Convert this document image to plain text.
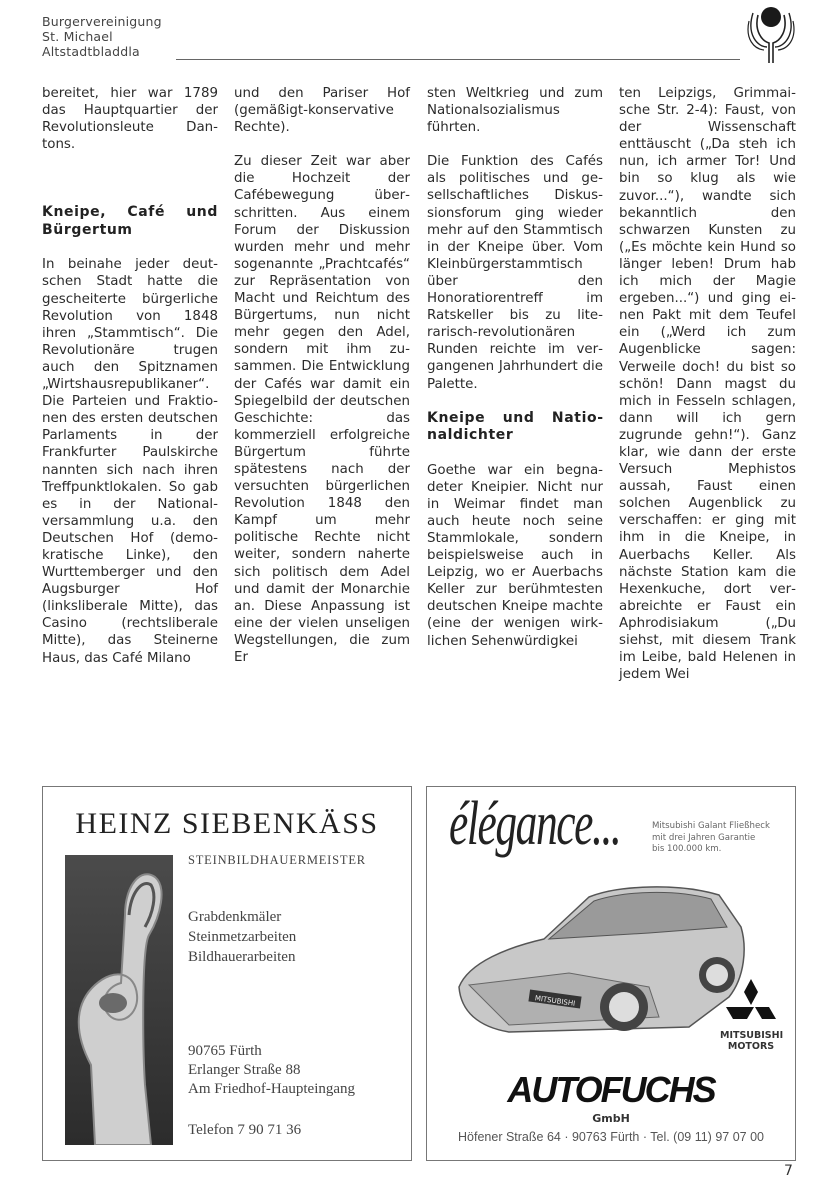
Burgervereinigung
St. Michael
Altstadtbladdla

bereitet, hier war 1789 das Hauptquartier der Revolutionsleute Dantons.

Kneipe, Café und Bürgertum

In beinahe jeder deutschen Stadt hatte die gescheiterte bürgerliche Revolution von 1848 ihren „Stammtisch“. Die Revolutionäre trugen auch den Spitznamen „Wirtshausrepublikaner“. Die Parteien und Fraktionen des ersten deutschen Parlaments in der Frankfurter Paulskirche nannten sich nach ihren Treffpunktlokalen. So gab es in der Nationalversammlung u.a. den Deutschen Hof (demokratische Linke), den Wurttemberger und den Augsburger Hof (linksliberale Mitte), das Casino (rechtsliberale Mitte), das Steinerne Haus, das Café Milano

und den Pariser Hof (gemäßigt-konservative Rechte).

Zu dieser Zeit war aber die Hochzeit der Cafébewegung überschritten. Aus einem Forum der Diskussion wurden mehr und mehr sogenannte „Prachtcafés“ zur Repräsentation von Macht und Reichtum des Bürgertums, nun nicht mehr gegen den Adel, sondern mit ihm zusammen. Die Entwicklung der Cafés war damit ein Spiegelbild der deutschen Geschichte: das kommerziell erfolgreiche Bürgertum führte spätestens nach der versuchten bürgerlichen Revolution 1848 den Kampf um mehr politische Rechte nicht weiter, sondern naherte sich politisch dem Adel und damit der Monarchie an. Diese Anpassung ist eine der vielen unseligen Wegstellungen, die zum Er

sten Weltkrieg und zum Nationalsozialismus führten.

Die Funktion des Cafés als politisches und gesellschaftliches Diskussionsforum ging wieder mehr auf den Stammtisch in der Kneipe über. Vom Kleinbürgerstammtisch über den Honoratiorentreff im Ratskeller bis zu literarisch-revolutionären Runden reichte im vergangenen Jahrhundert die Palette.

Kneipe und Nationaldichter

Goethe war ein begnadeter Kneipier. Nicht nur in Weimar findet man auch heute noch seine Stammlokale, sondern beispielsweise auch in Leipzig, wo er Auerbachs Keller zur berühmtesten deutschen Kneipe machte (eine der wenigen wirklichen Sehenwürdigkei

ten Leipzigs, Grimmaische Str. 2-4): Faust, von der Wissenschaft enttäuscht („Da steh ich nun, ich armer Tor! Und bin so klug als wie zuvor...“), wandte sich bekanntlich den schwarzen Kunsten zu („Es möchte kein Hund so länger leben! Drum hab ich mich der Magie ergeben...“) und ging einen Pakt mit dem Teufel ein („Werd ich zum Augenblicke sagen: Verweile doch! du bist so schön! Dann magst du mich in Fesseln schlagen, dann will ich gern zugrunde gehn!“). Ganz klar, wie dann der erste Versuch Mephistos aussah, Faust einen solchen Augenblick zu verschaffen: er ging mit ihm in die Kneipe, in Auerbachs Keller. Als nächste Station kam die Hexenkuche, dort verabreichte er Faust ein Aphrodisiakum („Du siehst, mit diesem Trank im Leibe, bald Helenen in jedem Wei

HEINZ SIEBENKÄSS
STEINBILDHAUERMEISTER
Grabdenkmäler
Steinmetzarbeiten
Bildhauerarbeiten
90765 Fürth
Erlanger Straße 88
Am Friedhof-Haupteingang
Telefon 7 90 71 36
élégance...	Mitsubishi Galant Fließheck
mit drei Jahren Garantie
bis 100.000 km.
MITSUBISHI
MITSUBISHI
MOTORS
AUTOFUCHS
GmbH
Höfener Straße 64 · 90763 Fürth · Tel. (09 11) 97 07 00
7
